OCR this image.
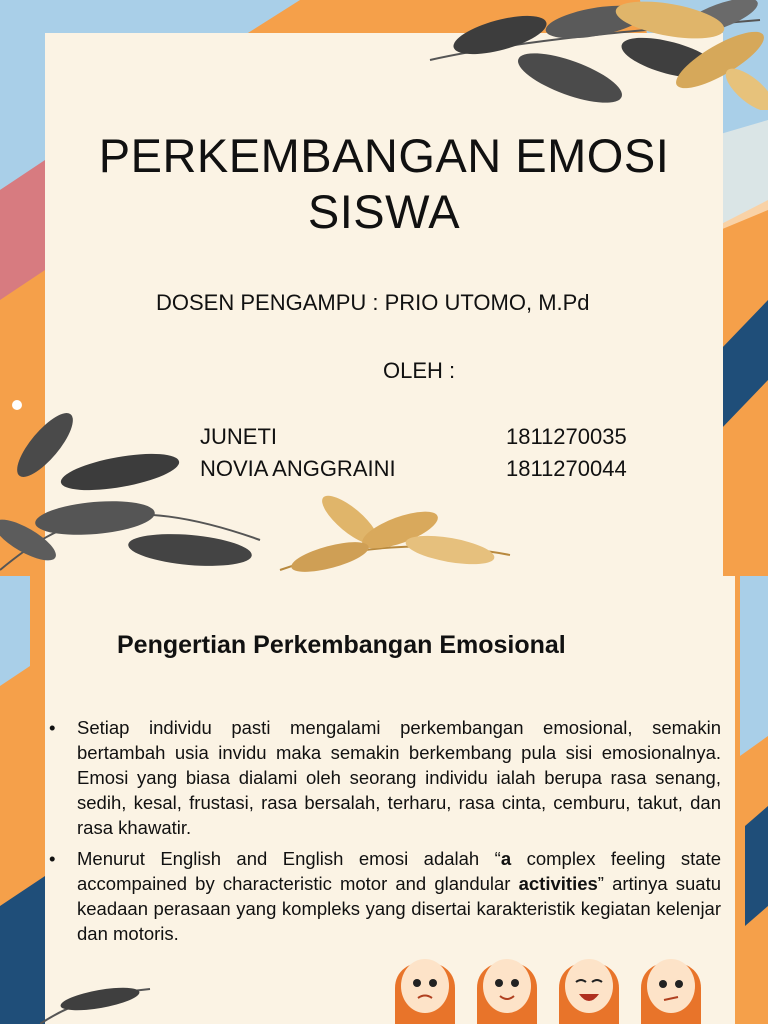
PERKEMBANGAN EMOSI
SISWA
DOSEN PENGAMPU : PRIO UTOMO, M.Pd
OLEH :
JUNETI	1811270035
NOVIA ANGGRAINI	1811270044
Pengertian Perkembangan Emosional
• Setiap individu pasti mengalami perkembangan emosional, semakin bertambah usia invidu maka semakin berkembang pula sisi emosionalnya. Emosi yang biasa dialami oleh seorang individu ialah berupa rasa senang, sedih, kesal, frustasi, rasa bersalah, terharu, rasa cinta, cemburu, takut, dan rasa khawatir.
• Menurut English and English emosi adalah “a complex feeling state accompained by characteristic motor and glandular activities” artinya suatu keadaan perasaan yang kompleks yang disertai karakteristik kegiatan kelenjar dan motoris.
